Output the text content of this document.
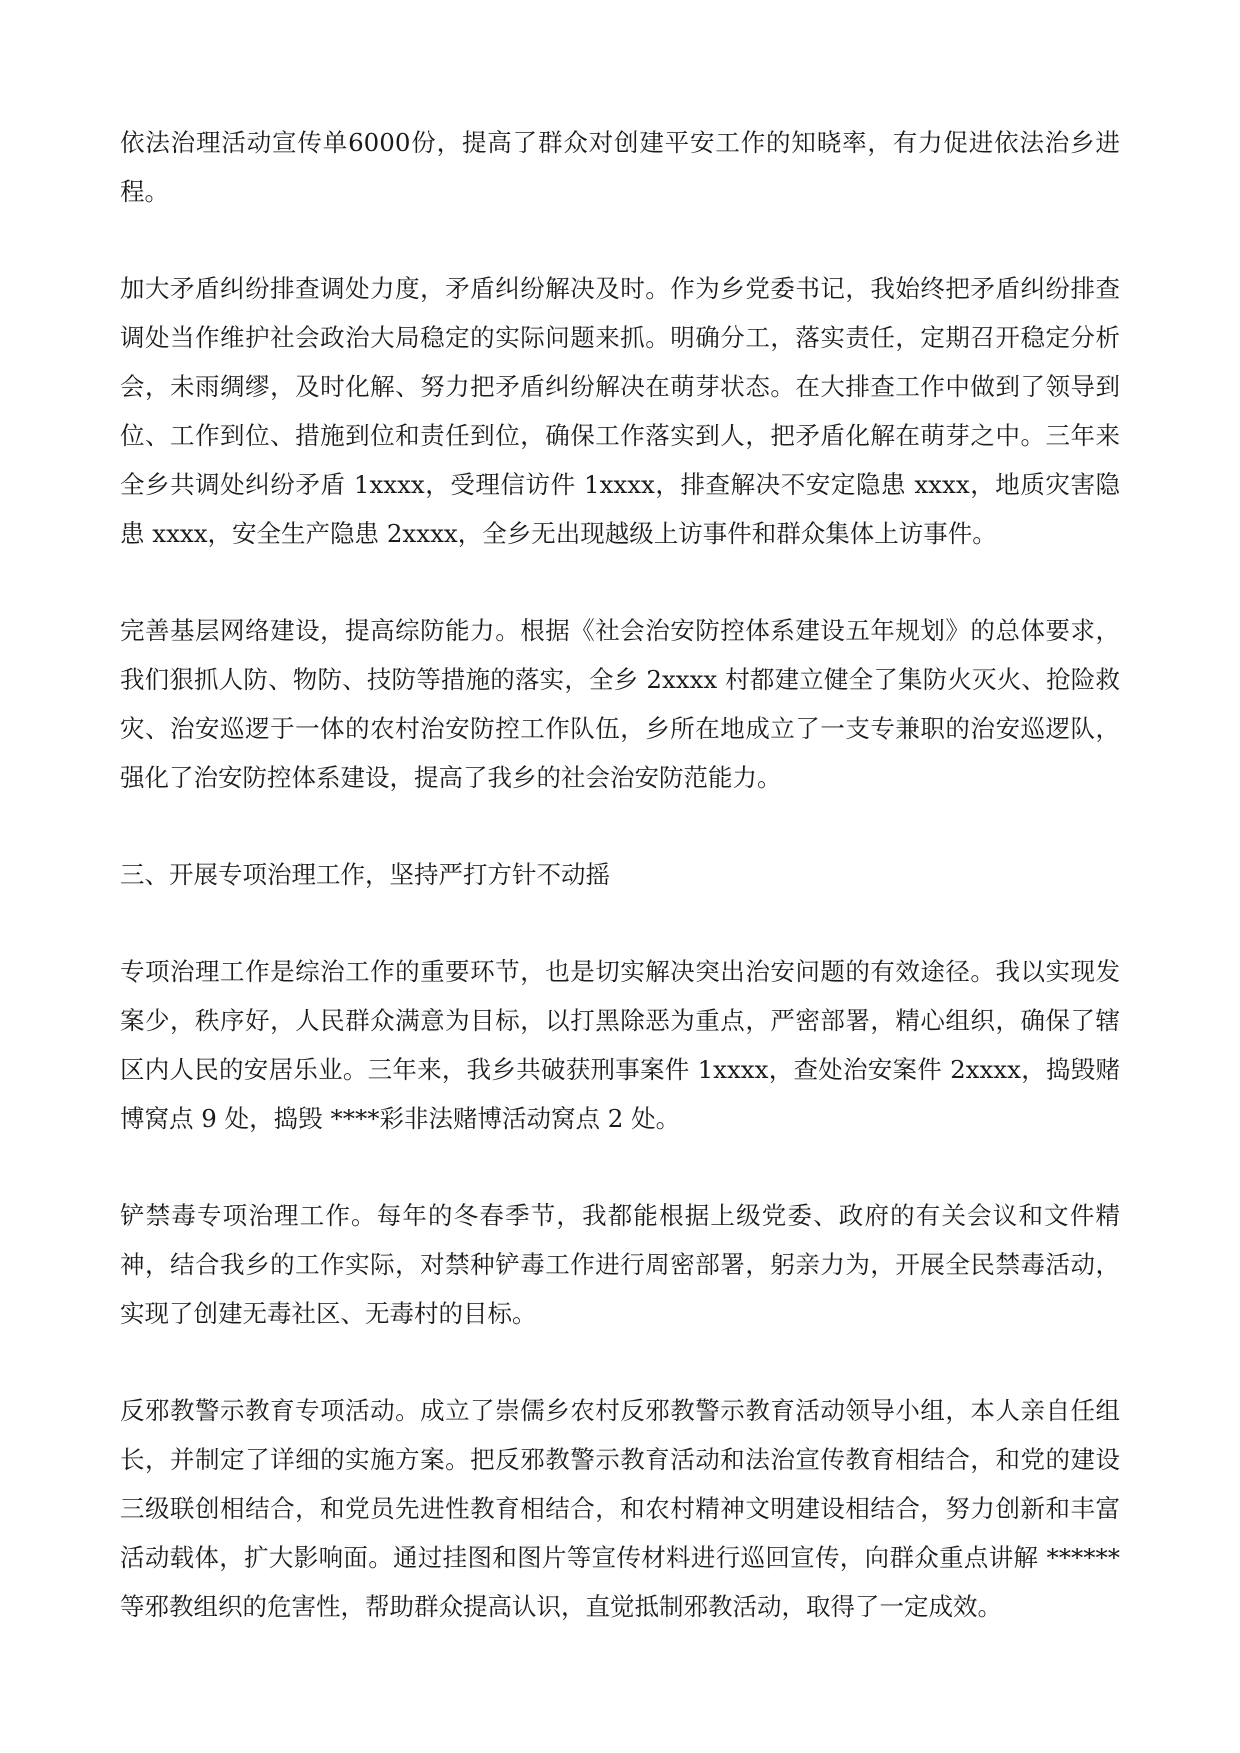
依法治理活动宣传单6000份，提高了群众对创建平安工作的知晓率，有力促进依法治乡进程。

加大矛盾纠纷排查调处力度，矛盾纠纷解决及时。作为乡党委书记，我始终把矛盾纠纷排查调处当作维护社会政治大局稳定的实际问题来抓。明确分工，落实责任，定期召开稳定分析会，未雨绸缪，及时化解、努力把矛盾纠纷解决在萌芽状态。在大排查工作中做到了领导到位、工作到位、措施到位和责任到位，确保工作落实到人，把矛盾化解在萌芽之中。三年来全乡共调处纠纷矛盾 1xxxx，受理信访件 1xxxx，排查解决不安定隐患 xxxx，地质灾害隐患 xxxx，安全生产隐患 2xxxx，全乡无出现越级上访事件和群众集体上访事件。

完善基层网络建设，提高综防能力。根据《社会治安防控体系建设五年规划》的总体要求，我们狠抓人防、物防、技防等措施的落实，全乡 2xxxx 村都建立健全了集防火灭火、抢险救灾、治安巡逻于一体的农村治安防控工作队伍，乡所在地成立了一支专兼职的治安巡逻队，强化了治安防控体系建设，提高了我乡的社会治安防范能力。

三、开展专项治理工作，坚持严打方针不动摇

专项治理工作是综治工作的重要环节，也是切实解决突出治安问题的有效途径。我以实现发案少，秩序好，人民群众满意为目标，以打黑除恶为重点，严密部署，精心组织，确保了辖区内人民的安居乐业。三年来，我乡共破获刑事案件 1xxxx，查处治安案件 2xxxx，捣毁赌博窝点 9 处，捣毁 ****彩非法赌博活动窝点 2 处。

铲禁毒专项治理工作。每年的冬春季节，我都能根据上级党委、政府的有关会议和文件精神，结合我乡的工作实际，对禁种铲毒工作进行周密部署，躬亲力为，开展全民禁毒活动，实现了创建无毒社区、无毒村的目标。

反邪教警示教育专项活动。成立了崇儒乡农村反邪教警示教育活动领导小组，本人亲自任组长，并制定了详细的实施方案。把反邪教警示教育活动和法治宣传教育相结合，和党的建设三级联创相结合，和党员先进性教育相结合，和农村精神文明建设相结合，努力创新和丰富活动载体，扩大影响面。通过挂图和图片等宣传材料进行巡回宣传，向群众重点讲解 ****** 等邪教组织的危害性，帮助群众提高认识，直觉抵制邪教活动，取得了一定成效。
